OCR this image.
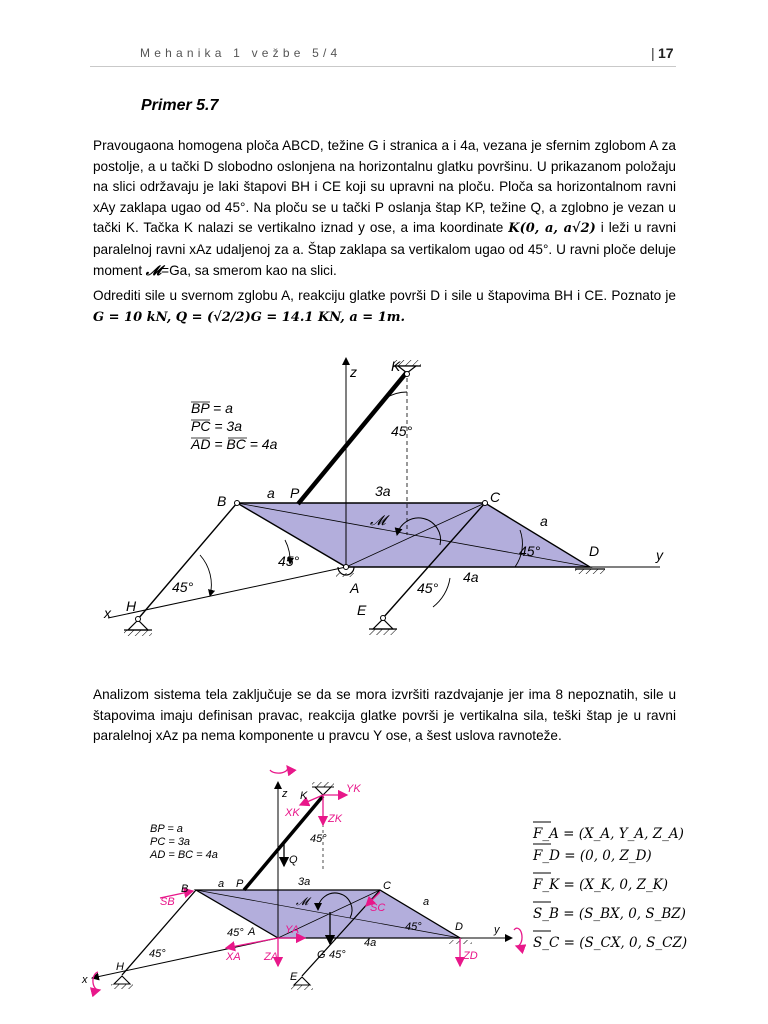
Mehanika 1 vežbe 5/4	| 17
Primer 5.7
Pravougaona homogena ploča ABCD, težine G i stranica a i 4a, vezana je sfernim zglobom A za postolje, a u tački D slobodno oslonjena na horizontalnu glatku površinu. U prikazanom položaju na slici održavaju je laki štapovi BH i CE koji su upravni na ploču. Ploča sa horizontalnom ravni xAy zaklapa ugao od 45°. Na ploču se u tački P oslanja štap KP, težine Q, a zglobno je vezan u tački K. Tačka K nalazi se vertikalno iznad y ose, a ima koordinate K(0, a, a√2) i leži u ravni paralelnoj ravni xAz udaljenoj za a. Štap zaklapa sa vertikalom ugao od 45°. U ravni ploče deluje moment 𝓜=Ga, sa smerom kao na slici.
Odrediti sile u svernom zglobu A, reakciju glatke površi D i sile u štapovima BH i CE. Poznato je G = 10 kN, Q = (√2/2)G = 14.1 KN, a = 1m.
Analizom sistema tela zaključuje se da se mora izvršiti razdvajanje jer ima 8 nepoznatih, sile u štapovima imaju definisan pravac, reakcija glatke površi je vertikalna sila, teški štap je u ravni paralelnoj xAz pa nema komponente u pravcu Y ose, a šest uslova ravnoteže.
BP = a
PC = 3a
AD = BC = 4a
z K
45°
B	a P	3a	C
a
𝓜
45°	D	y
45°
A
4a
45°	45°
H	E
x
BP = a
PC = 3a
AD = BC = 4a
z K
XK
YK
ZK
45°
Q
B
SB
a P	3a	C
SC	a
𝓜
45° A	YA	45°	D	y
XA ZA	G
4a
ZD
45°	45°
H
E
x
F_A = (X_A, Y_A, Z_A)
F_D = (0, 0, Z_D)
F_K = (X_K, 0, Z_K)
S_B = (S_BX, 0, S_BZ)
S_C = (S_CX, 0, S_CZ)
